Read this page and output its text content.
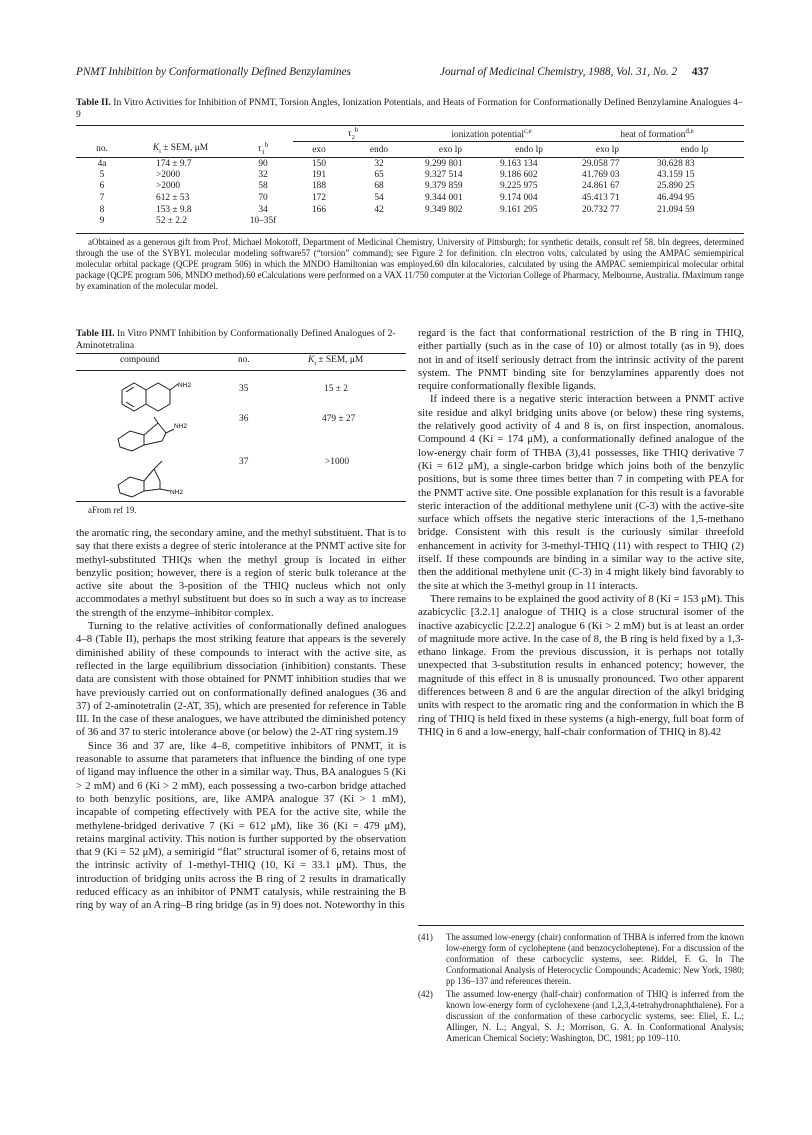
PNMT Inhibition by Conformationally Defined Benzylamines	Journal of Medicinal Chemistry, 1988, Vol. 31, No. 2 437
Table II. In Vitro Activities for Inhibition of PNMT, Torsion Angles, Ionization Potentials, and Heats of Formation for Conformationally Defined Benzylamine Analogues 4–9
			$\tau_2^b$		ionization potential$^{c,e}$		heat of formation$^{d,e}$
no.	$K_i$ ± SEM, μM	$\tau_1^b$	exo	endo	exo lp	endo lp	exo lp	endo lp
4a	174 ± 9.7	90	150	32	9.299 801	9.163 134	29.058 77	30.628 83
5	>2000	32	191	65	9.327 514	9.186 602	41.769 03	43.159 15
6	>2000	58	188	68	9.379 859	9.225 975	24.861 67	25.890 25
7	612 ± 53	70	172	54	9.344 001	9.174 004	45.413 71	46.494 95
8	153 ± 9.8	34	166	42	9.349 802	9.161 295	20.732 77	21.094 59
9	52 ± 2.2	10–35f						
aObtained as a generous gift from Prof. Michael Mokotoff, Department of Medicinal Chemistry, University of Pittsburgh; for synthetic details, consult ref 58. bIn degrees, determined through the use of the SYBYL molecular modeling software57 (“torsion” command); see Figure 2 for definition. cIn electron volts, calculated by using the AMPAC semiempirical molecular orbital package (QCPE program 506) in which the MNDO Hamiltonian was employed.60 dIn kilocalories, calculated by using the AMPAC semiempirical molecular orbital package (QCPE program 506, MNDO method).60 eCalculations were performed on a VAX 11/750 computer at the Victorian College of Pharmacy, Melbourne, Australia. fMaximum range by examination of the molecular model.
Table III. In Vitro PNMT Inhibition by Conformationally Defined Analogues of 2-Aminotetralina
compound	no.	$K_i$ ± SEM, μM
NH2	35	15 ± 2
NH2
36	479 ± 27
NH2
37	>1000
aFrom ref 19.

the aromatic ring, the secondary amine, and the methyl substituent. That is to say that there exists a degree of steric intolerance at the PNMT active site for methyl-substituted THIQs when the methyl group is located in either benzylic position; however, there is a region of steric bulk tolerance at the active site about the 3-position of the THIQ nucleus which not only accommodates a methyl substituent but does so in such a way as to increase the strength of the enzyme–inhibitor complex.

Turning to the relative activities of conformationally defined analogues 4–8 (Table II), perhaps the most striking feature that appears is the severely diminished ability of these compounds to interact with the active site, as reflected in the large equilibrium dissociation (inhibition) constants. These data are consistent with those obtained for PNMT inhibition studies that we have previously carried out on conformationally defined analogues (36 and 37) of 2-aminotetralin (2-AT, 35), which are presented for reference in Table III. In the case of these analogues, we have attributed the diminished potency of 36 and 37 to steric intolerance above (or below) the 2-AT ring system.19

Since 36 and 37 are, like 4–8, competitive inhibitors of PNMT, it is reasonable to assume that parameters that influence the binding of one type of ligand may influence the other in a similar way. Thus, BA analogues 5 (Ki > 2 mM) and 6 (Ki > 2 mM), each possessing a two-carbon bridge attached to both benzylic positions, are, like AMPA analogue 37 (Ki > 1 mM), incapable of competing effectively with PEA for the active site, while the methylene-bridged derivative 7 (Ki = 612 μM), like 36 (Ki = 479 μM), retains marginal activity. This notion is further supported by the observation that 9 (Ki = 52 μM), a semirigid “flat” structural isomer of 6, retains most of the intrinsic activity of 1-methyl-THIQ (10, Ki = 33.1 μM). Thus, the introduction of bridging units across the B ring of 2 results in dramatically reduced efficacy as an inhibitor of PNMT catalysis, while restraining the B ring by way of an A ring–B ring bridge (as in 9) does not. Noteworthy in this

regard is the fact that conformational restriction of the B ring in THIQ, either partially (such as in the case of 10) or almost totally (as in 9), does not in and of itself seriously detract from the intrinsic activity of the parent system. The PNMT binding site for benzylamines apparently does not require conformationally flexible ligands.

If indeed there is a negative steric interaction between a PNMT active site residue and alkyl bridging units above (or below) these ring systems, the relatively good activity of 4 and 8 is, on first inspection, anomalous. Compound 4 (Ki = 174 μM), a conformationally defined analogue of the low-energy chair form of THBA (3),41 possesses, like THIQ derivative 7 (Ki = 612 μM), a single-carbon bridge which joins both of the benzylic positions, but is some three times better than 7 in competing with PEA for the PNMT active site. One possible explanation for this result is a favorable steric interaction of the additional methylene unit (C-3) with the active-site surface which offsets the negative steric interactions of the 1,5-methano bridge. Consistent with this result is the curiously similar threefold enhancement in activity for 3-methyl-THIQ (11) with respect to THIQ (2) itself. If these compounds are binding in a similar way to the active site, then the additional methylene unit (C-3) in 4 might likely bind favorably to the site at which the 3-methyl group in 11 interacts.

There remains to be explained the good activity of 8 (Ki = 153 μM). This azabicyclic [3.2.1] analogue of THIQ is a close structural isomer of the inactive azabicyclic [2.2.2] analogue 6 (Ki > 2 mM) but is at least an order of magnitude more active. In the case of 8, the B ring is held fixed by a 1,3-ethano linkage. From the previous discussion, it is perhaps not totally unexpected that 3-substitution results in enhanced potency; however, the magnitude of this effect in 8 is unusually pronounced. Two other apparent differences between 8 and 6 are the angular direction of the alkyl bridging units with respect to the aromatic ring and the conformation in which the B ring of THIQ is held fixed in these systems (a high-energy, full boat form of THIQ in 6 and a low-energy, half-chair conformation of THIQ in 8).42

(41)	The assumed low-energy (chair) conformation of THBA is inferred from the known low-energy form of cycloheptene (and benzocycloheptene). For a discussion of the conformation of these carbocyclic systems, see: Riddel, F. G. In The Conformational Analysis of Heterocyclic Compounds; Academic: New York, 1980; pp 136–137 and references therein.
(42)	The assumed low-energy (half-chair) conformation of THIQ is inferred from the known low-energy form of cyclohexene (and 1,2,3,4-tetrahydronaphthalene). For a discussion of the conformation of these carbocyclic systems, see: Eliel, E. L.; Allinger, N. L.; Angyal, S. J.; Morrison, G. A. In Conformational Analysis; American Chemical Society: Washington, DC, 1981; pp 109–110.
